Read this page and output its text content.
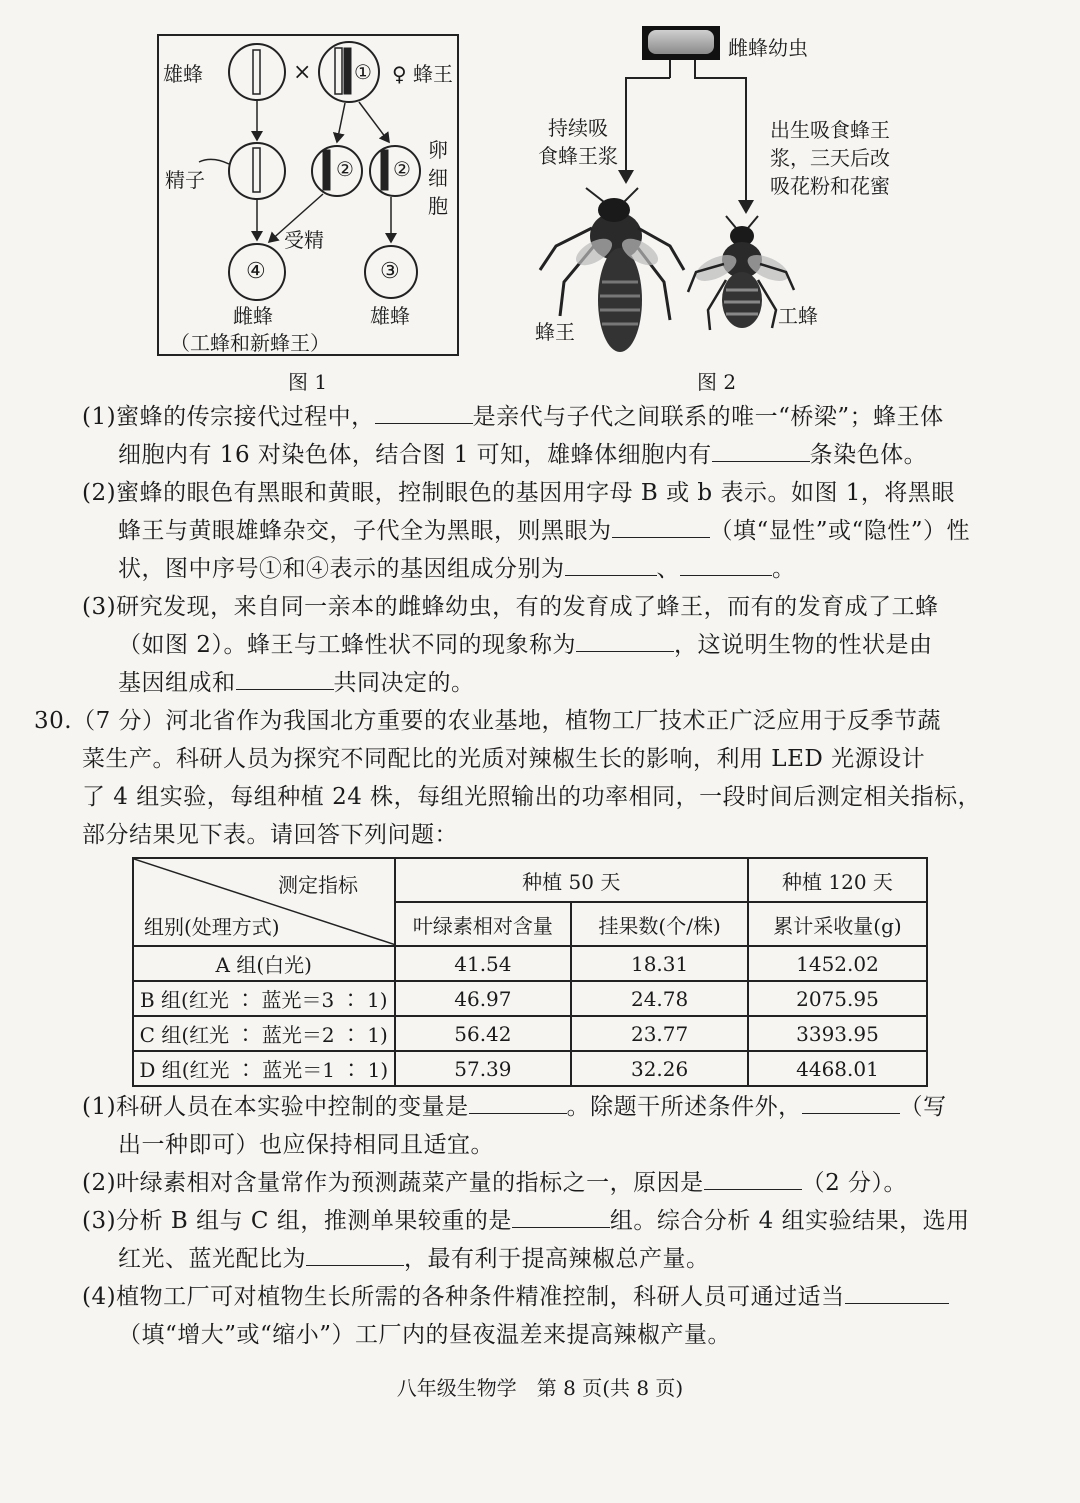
雄蜂	× ① ♀ 蜂王
精子	② ②
卵细胞
受精
④	③
雌蜂	雄蜂
（工蜂和新蜂王）
图 1
雌蜂幼虫
持续吸
食蜂王浆
出生吸食蜂王
浆，三天后改
吸花粉和花蜜
蜂王
工蜂
图 2
(1)蜜蜂的传宗接代过程中，	是亲代与子代之间联系的唯一“桥梁”；蜂王体
细胞内有 16 对染色体，结合图 1 可知，雄蜂体细胞内有	条染色体。
(2)蜜蜂的眼色有黑眼和黄眼，控制眼色的基因用字母 B 或 b 表示。如图 1，将黑眼
蜂王与黄眼雄蜂杂交，子代全为黑眼，则黑眼为	（填“显性”或“隐性”）性
状，图中序号①和④表示的基因组成分别为	、	。
(3)研究发现，来自同一亲本的雌蜂幼虫，有的发育成了蜂王，而有的发育成了工蜂
（如图 2）。蜂王与工蜂性状不同的现象称为	，这说明生物的性状是由
基因组成和	共同决定的。
30.（7 分）河北省作为我国北方重要的农业基地，植物工厂技术正广泛应用于反季节蔬
菜生产。科研人员为探究不同配比的光质对辣椒生长的影响，利用 LED 光源设计
了 4 组实验，每组种植 24 株，每组光照输出的功率相同，一段时间后测定相关指标，
部分结果见下表。请回答下列问题：
测定指标
组别(处理方式)	种植 50 天		种植 120 天
	叶绿素相对含量	挂果数(个/株)	累计采收量(g)
A 组(白光)	41.54	18.31	1452.02
B 组(红光 ∶ 蓝光＝3 ∶ 1)	46.97	24.78	2075.95
C 组(红光 ∶ 蓝光＝2 ∶ 1)	56.42	23.77	3393.95
D 组(红光 ∶ 蓝光＝1 ∶ 1)	57.39	32.26	4468.01
(1)科研人员在本实验中控制的变量是	。除题干所述条件外，	（写
出一种即可）也应保持相同且适宜。
(2)叶绿素相对含量常作为预测蔬菜产量的指标之一，原因是	（2 分）。
(3)分析 B 组与 C 组，推测单果较重的是	组。综合分析 4 组实验结果，选用
红光、蓝光配比为	，最有利于提高辣椒总产量。
(4)植物工厂可对植物生长所需的各种条件精准控制，科研人员可通过适当
（填“增大”或“缩小”）工厂内的昼夜温差来提高辣椒产量。
八年级生物学　第 8 页(共 8 页)
